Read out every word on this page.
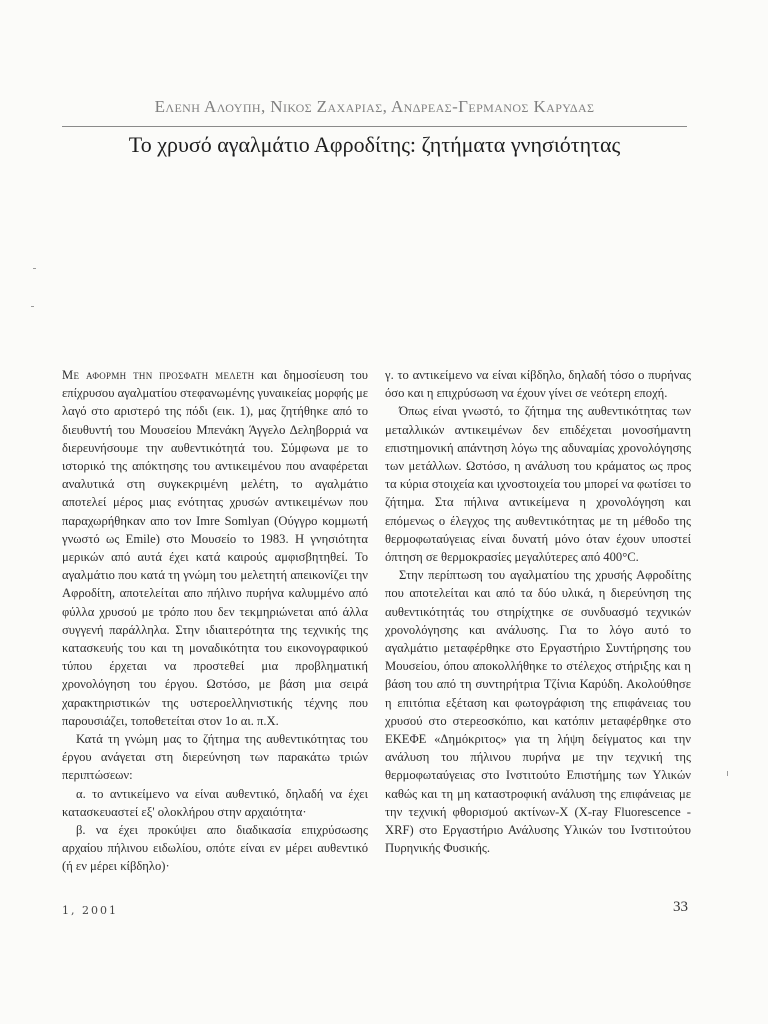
Ελενη Αλουπη, Νικος Ζαχαριας, Ανδρεας-Γερμανος Καρυδας
Το χρυσό αγαλμάτιο Αφροδίτης: ζητήματα γνησιότητας

Με αφορμη την προσφατη μελετη και δημοσίευση του επίχρυσου αγαλματίου στεφανωμένης γυναικείας μορφής με λαγό στο αριστερό της πόδι (εικ. 1), μας ζητήθηκε από το διευθυντή του Μουσείου Μπενάκη Άγγελο Δεληβορριά να διερευνήσουμε την αυθεντικότητά του. Σύμφωνα με το ιστορικό της απόκτησης του αντικειμένου που αναφέρεται αναλυτικά στη συγκεκριμένη μελέτη, το αγαλμάτιο αποτελεί μέρος μιας ενότητας χρυσών αντικειμένων που παραχωρήθηκαν απο τον Imre Somlyan (Ούγγρο κομμωτή γνωστό ως Emile) στο Μουσείο το 1983. Η γνησιότητα μερικών από αυτά έχει κατά καιρούς αμφισβητηθεί. Το αγαλμάτιο που κατά τη γνώμη του μελετητή απεικονίζει την Αφροδίτη, αποτελείται απο πήλινο πυρήνα καλυμμένο από φύλλα χρυσού με τρόπο που δεν τεκμηριώνεται από άλλα συγγενή παράλληλα. Στην ιδιαιτερότητα της τεχνικής της κατασκευής του και τη μοναδικότητα του εικονογραφικού τύπου έρχεται να προστεθεί μια προβληματική χρονολόγηση του έργου. Ωστόσο, με βάση μια σειρά χαρακτηριστικών της υστεροελληνιστικής τέχνης που παρουσιάζει, τοποθετείται στον 1ο αι. π.Χ.

Κατά τη γνώμη μας το ζήτημα της αυθεντικότητας του έργου ανάγεται στη διερεύνηση των παρακάτω τριών περιπτώσεων:

α. το αντικείμενο να είναι αυθεντικό, δηλαδή να έχει κατασκευαστεί εξ' ολοκλήρου στην αρχαιότητα·

β. να έχει προκύψει απο διαδικασία επιχρύσωσης αρχαίου πήλινου ειδωλίου, οπότε είναι εν μέρει αυθεντικό (ή εν μέρει κίβδηλο)·

γ. το αντικείμενο να είναι κίβδηλο, δηλαδή τόσο ο πυρήνας όσο και η επιχρύσωση να έχουν γίνει σε νεότερη εποχή.

Όπως είναι γνωστό, το ζήτημα της αυθεντικότητας των μεταλλικών αντικειμένων δεν επιδέχεται μονοσήμαντη επιστημονική απάντηση λόγω της αδυναμίας χρονολόγησης των μετάλλων. Ωστόσο, η ανάλυση του κράματος ως προς τα κύρια στοιχεία και ιχνοστοιχεία του μπορεί να φωτίσει το ζήτημα. Στα πήλινα αντικείμενα η χρονολόγηση και επόμενως ο έλεγχος της αυθεντικότητας με τη μέθοδο της θερμοφωταύγειας είναι δυνατή μόνο όταν έχουν υποστεί όπτηση σε θερμοκρασίες μεγαλύτερες από 400°C.

Στην περίπτωση του αγαλματίου της χρυσής Αφροδίτης που αποτελείται και από τα δύο υλικά, η διερεύνηση της αυθεντικότητάς του στηρίχτηκε σε συνδυασμό τεχνικών χρονολόγησης και ανάλυσης. Για το λόγο αυτό το αγαλμάτιο μεταφέρθηκε στο Εργαστήριο Συντήρησης του Μουσείου, όπου αποκολλήθηκε το στέλεχος στήριξης και η βάση του από τη συντηρήτρια Τζίνια Καρύδη. Ακολούθησε η επιτόπια εξέταση και φωτογράφιση της επιφάνειας του χρυσού στο στερεοσκόπιο, και κατόπιν μεταφέρθηκε στο ΕΚΕΦΕ «Δημόκριτος» για τη λήψη δείγματος και την ανάλυση του πήλινου πυρήνα με την τεχνική της θερμοφωταύγειας στο Ινστιτούτο Επιστήμης των Υλικών καθώς και τη μη καταστροφική ανάλυση της επιφάνειας με την τεχνική φθορισμού ακτίνων-Χ (X-ray Fluorescence - XRF) στο Εργαστήριο Ανάλυσης Υλικών του Ινστιτούτου Πυρηνικής Φυσικής.

1, 2001	33
